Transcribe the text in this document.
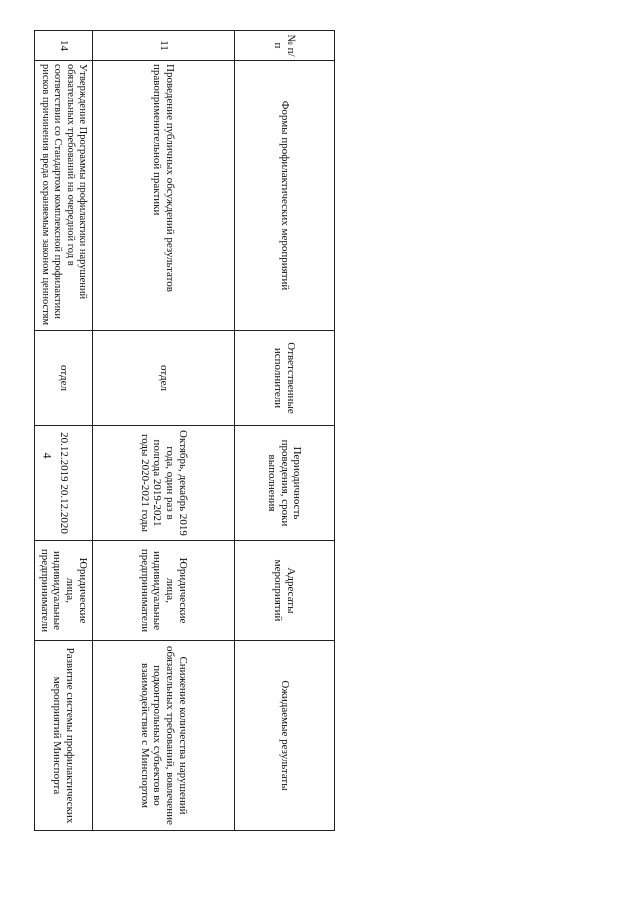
4
№ п/п	Формы профилактических мероприятий	Ответственные исполнители	Периодичность проведения, сроки выполнения	Адресаты мероприятий	Ожидаемые результаты
11	Проведение публичных обсуждений результатов правоприменительной практики	отдел	Октябрь, декабрь 2019 года, один раз в полгода 2019-2021 годы 2020-2021 годы	Юридические лица, индивидуальные предприниматели	Снижение количества нарушений обязательных требований, вовлечение подконтрольных субъектов во взаимодействие с Минспортом
14	Утверждение Программы профилактики нарушений обязательных требований на очередной год в соответствии со Стандартом комплексной профилактики рисков причинения вреда охраняемым законом ценностям	отдел	20.12.2019 20.12.2020	Юридические лица, индивидуальные предприниматели	Развитие системы профилактических мероприятий Минспорта
